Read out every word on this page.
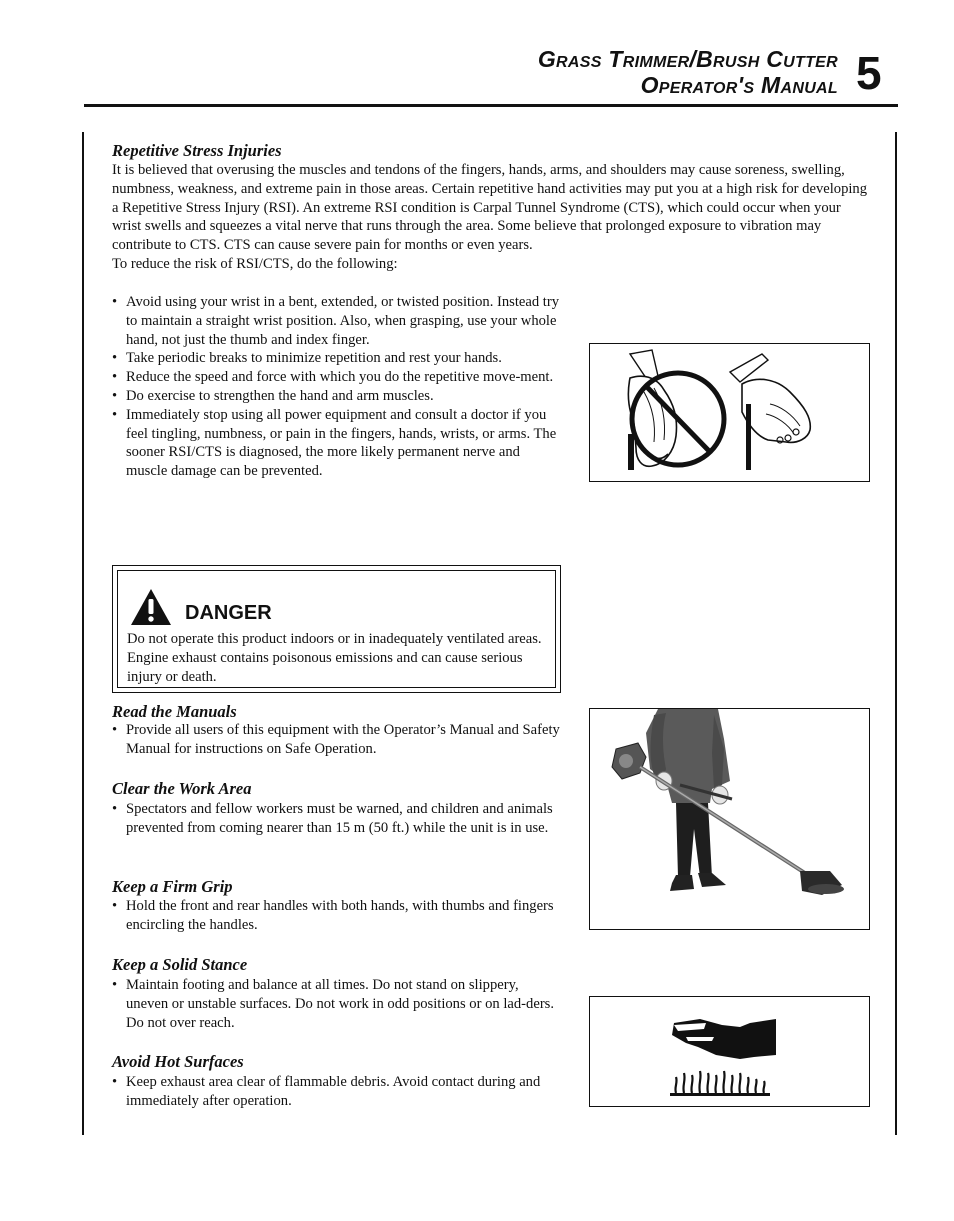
Grass Trimmer/Brush Cutter
Operator's Manual 5
Repetitive Stress Injuries

It is believed that overusing the muscles and tendons of the fingers, hands, arms, and shoulders may cause soreness, swelling, numbness, weakness, and extreme pain in those areas. Certain repetitive hand activities may put you at a high risk for developing a Repetitive Stress Injury (RSI). An extreme RSI condition is Carpal Tunnel Syndrome (CTS), which could occur when your wrist swells and squeezes a vital nerve that runs through the area. Some believe that prolonged exposure to vibration may contribute to CTS. CTS can cause severe pain for months or even years.

To reduce the risk of RSI/CTS, do the following:

• Avoid using your wrist in a bent, extended, or twisted position. Instead try to maintain a straight wrist position. Also, when grasping, use your whole hand, not just the thumb and index finger.
• Take periodic breaks to minimize repetition and rest your hands.
• Reduce the speed and force with which you do the repetitive move-ment.
• Do exercise to strengthen the hand and arm muscles.
• Immediately stop using all power equipment and consult a doctor if you feel tingling, numbness, or pain in the fingers, hands, wrists, or arms. The sooner RSI/CTS is diagnosed, the more likely permanent nerve and muscle damage can be prevented.
DANGER

Do not operate this product indoors or in inadequately ventilated areas. Engine exhaust contains poisonous emissions and can cause serious injury or death.

Read the Manuals
• Provide all users of this equipment with the Operator’s Manual and Safety Manual for instructions on Safe Operation.
Clear the Work Area
• Spectators and fellow workers must be warned, and children and animals prevented from coming nearer than 15 m (50 ft.) while the unit is in use.
Keep a Firm Grip
• Hold the front and rear handles with both hands, with thumbs and fingers encircling the handles.
Keep a Solid Stance
• Maintain footing and balance at all times. Do not stand on slippery, uneven or unstable surfaces. Do not work in odd positions or on lad-ders. Do not over reach.
Avoid Hot Surfaces
• Keep exhaust area clear of flammable debris. Avoid contact during and immediately after operation.
